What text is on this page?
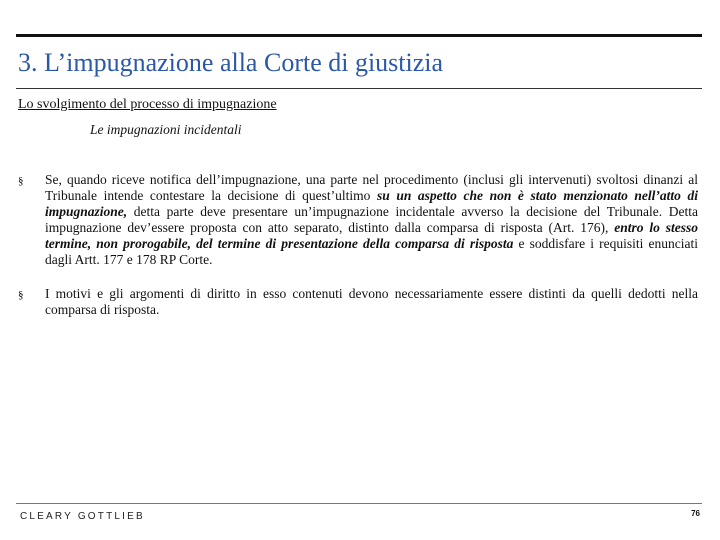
3. L’impugnazione alla Corte di giustizia
Lo svolgimento del processo di impugnazione
Le impugnazioni incidentali
§	Se, quando riceve notifica dell’impugnazione, una parte nel procedimento (inclusi gli intervenuti) svoltosi dinanzi al Tribunale intende contestare la decisione di quest’ultimo su un aspetto che non è stato menzionato nell’atto di impugnazione, detta parte deve presentare un’impugnazione incidentale avverso la decisione del Tribunale. Detta impugnazione dev’essere proposta con atto separato, distinto dalla comparsa di risposta (Art. 176), entro lo stesso termine, non prorogabile, del termine di presentazione della comparsa di risposta e soddisfare i requisiti enunciati dagli Artt. 177 e 178 RP Corte.
§	I motivi e gli argomenti di diritto in esso contenuti devono necessariamente essere distinti da quelli dedotti nella comparsa di risposta.
CLEARY GOTTLIEB	76
